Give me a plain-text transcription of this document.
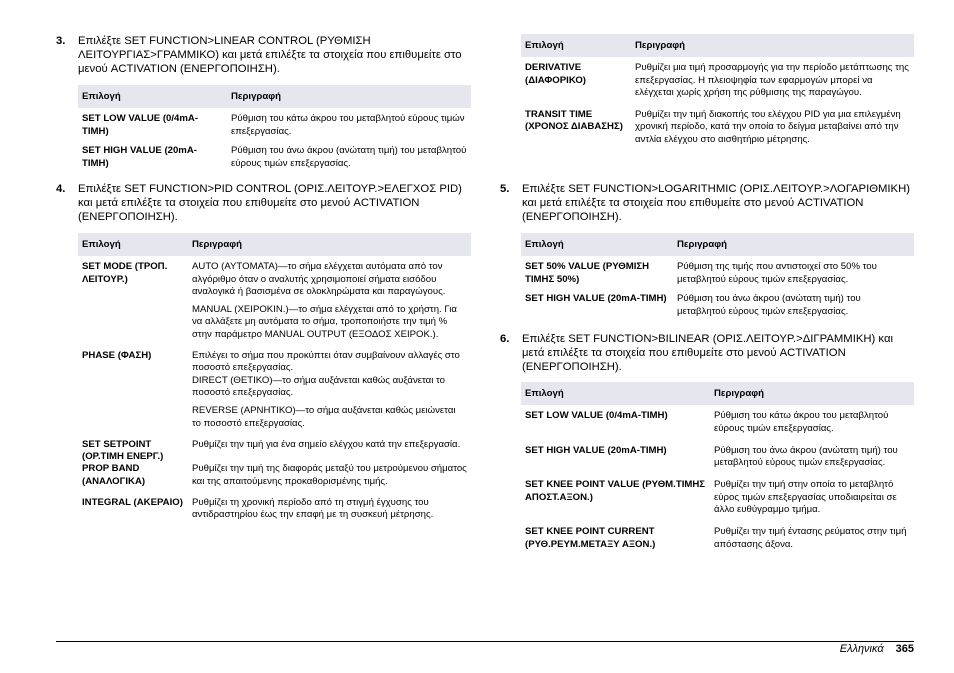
3. Επιλέξτε SET FUNCTION>LINEAR CONTROL (ΡΥΘΜΙΣΗ ΛΕΙΤΟΥΡΓΙΑΣ>ΓΡΑΜΜΙΚΟ) και μετά επιλέξτε τα στοιχεία που επιθυμείτε στο μενού ACTIVATION (ΕΝΕΡΓΟΠΟΙΗΣΗ).
Επιλογή	Περιγραφή
SET LOW VALUE (0/4mA-ΤΙΜΗ)	Ρύθμιση του κάτω άκρου του μεταβλητού εύρους τιμών επεξεργασίας.
SET HIGH VALUE (20mA-ΤΙΜΗ)	Ρύθμιση του άνω άκρου (ανώτατη τιμή) του μεταβλητού εύρους τιμών επεξεργασίας.
4. Επιλέξτε SET FUNCTION>PID CONTROL (ΟΡΙΣ.ΛΕΙΤΟΥΡ.>ΕΛΕΓΧΟΣ PID) και μετά επιλέξτε τα στοιχεία που επιθυμείτε στο μενού ACTIVATION (ΕΝΕΡΓΟΠΟΙΗΣΗ).
Επιλογή	Περιγραφή
SET MODE (ΤΡΟΠ. ΛΕΙΤΟΥΡ.)	AUTO (ΑΥΤΟΜΑΤΑ)—το σήμα ελέγχεται αυτόματα από τον αλγόριθμο όταν ο αναλυτής χρησιμοποιεί σήματα εισόδου αναλογικά ή βασισμένα σε ολοκληρώματα και παραγώγους.

MANUAL (ΧΕΙΡΟΚΙΝ.)—το σήμα ελέγχεται από το χρήστη. Για να αλλάξετε μη αυτόματα το σήμα, τροποποιήστε την τιμή % στην παράμετρο MANUAL OUTPUT (ΕΞΟΔΟΣ ΧΕΙΡΟΚ.).

PHASE (ΦΑΣΗ)	Επιλέγει το σήμα που προκύπτει όταν συμβαίνουν αλλαγές στο ποσοστό επεξεργασίας.

DIRECT (ΘΕΤΙΚΟ)—το σήμα αυξάνεται καθώς αυξάνεται το ποσοστό επεξεργασίας.

REVERSE (ΑΡΝΗΤΙΚΟ)—το σήμα αυξάνεται καθώς μειώνεται το ποσοστό επεξεργασίας.

SET SETPOINT (ΟΡ.ΤΙΜΗ ΕΝΕΡΓ.)	Ρυθμίζει την τιμή για ένα σημείο ελέγχου κατά την επεξεργασία.

PROP BAND (ΑΝΑΛΟΓΙΚΑ)	Ρυθμίζει την τιμή της διαφοράς μεταξύ του μετρούμενου σήματος και της απαιτούμενης προκαθορισμένης τιμής.

INTEGRAL (ΑΚΕΡΑΙΟ)	Ρυθμίζει τη χρονική περίοδο από τη στιγμή έγχυσης του αντιδραστηρίου έως την επαφή με τη συσκευή μέτρησης.

Επιλογή	Περιγραφή
DERIVATIVE (ΔΙΑΦΟΡΙΚΟ)	Ρυθμίζει μια τιμή προσαρμογής για την περίοδο μετάπτωσης της επεξεργασίας. Η πλειοψηφία των εφαρμογών μπορεί να ελέγχεται χωρίς χρήση της ρύθμισης της παραγώγου.

TRANSIT TIME (ΧΡΟΝΟΣ ΔΙΑΒΑΣΗΣ)	Ρυθμίζει την τιμή διακοπής του ελέγχου PID για μια επιλεγμένη χρονική περίοδο, κατά την οποία το δείγμα μεταβαίνει από την αντλία ελέγχου στο αισθητήριο μέτρησης.
5. Επιλέξτε SET FUNCTION>LOGARITHMIC (ΟΡΙΣ.ΛΕΙΤΟΥΡ.>ΛΟΓΑΡΙΘΜΙΚΗ) και μετά επιλέξτε τα στοιχεία που επιθυμείτε στο μενού ACTIVATION (ΕΝΕΡΓΟΠΟΙΗΣΗ).
Επιλογή	Περιγραφή
SET 50% VALUE (ΡΥΘΜΙΣΗ ΤΙΜΗΣ 50%)	Ρύθμιση της τιμής που αντιστοιχεί στο 50% του μεταβλητού εύρους τιμών επεξεργασίας.
SET HIGH VALUE (20mA-ΤΙΜΗ)	Ρύθμιση του άνω άκρου (ανώτατη τιμή) του μεταβλητού εύρους τιμών επεξεργασίας.
6. Επιλέξτε SET FUNCTION>BILINEAR (ΟΡΙΣ.ΛΕΙΤΟΥΡ.>ΔΙΓΡΑΜΜΙΚΗ) και μετά επιλέξτε τα στοιχεία που επιθυμείτε στο μενού ACTIVATION (ΕΝΕΡΓΟΠΟΙΗΣΗ).
Επιλογή	Περιγραφή
SET LOW VALUE (0/4mA-ΤΙΜΗ)	Ρύθμιση του κάτω άκρου του μεταβλητού εύρους τιμών επεξεργασίας.

SET HIGH VALUE (20mA-ΤΙΜΗ)	Ρύθμιση του άνω άκρου (ανώτατη τιμή) του μεταβλητού εύρους τιμών επεξεργασίας.

SET KNEE POINT VALUE (ΡΥΘΜ.ΤΙΜΗΣ ΑΠΟΣΤ.ΑΞΟΝ.)	Ρυθμίζει την τιμή στην οποία το μεταβλητό εύρος τιμών επεξεργασίας υποδιαιρείται σε άλλο ευθύγραμμο τμήμα.

SET KNEE POINT CURRENT (ΡΥΘ.ΡΕΥΜ.ΜΕΤΑΞΥ ΑΞΟΝ.)	Ρυθμίζει την τιμή έντασης ρεύματος στην τιμή απόστασης άξονα.
Ελληνικά 365
